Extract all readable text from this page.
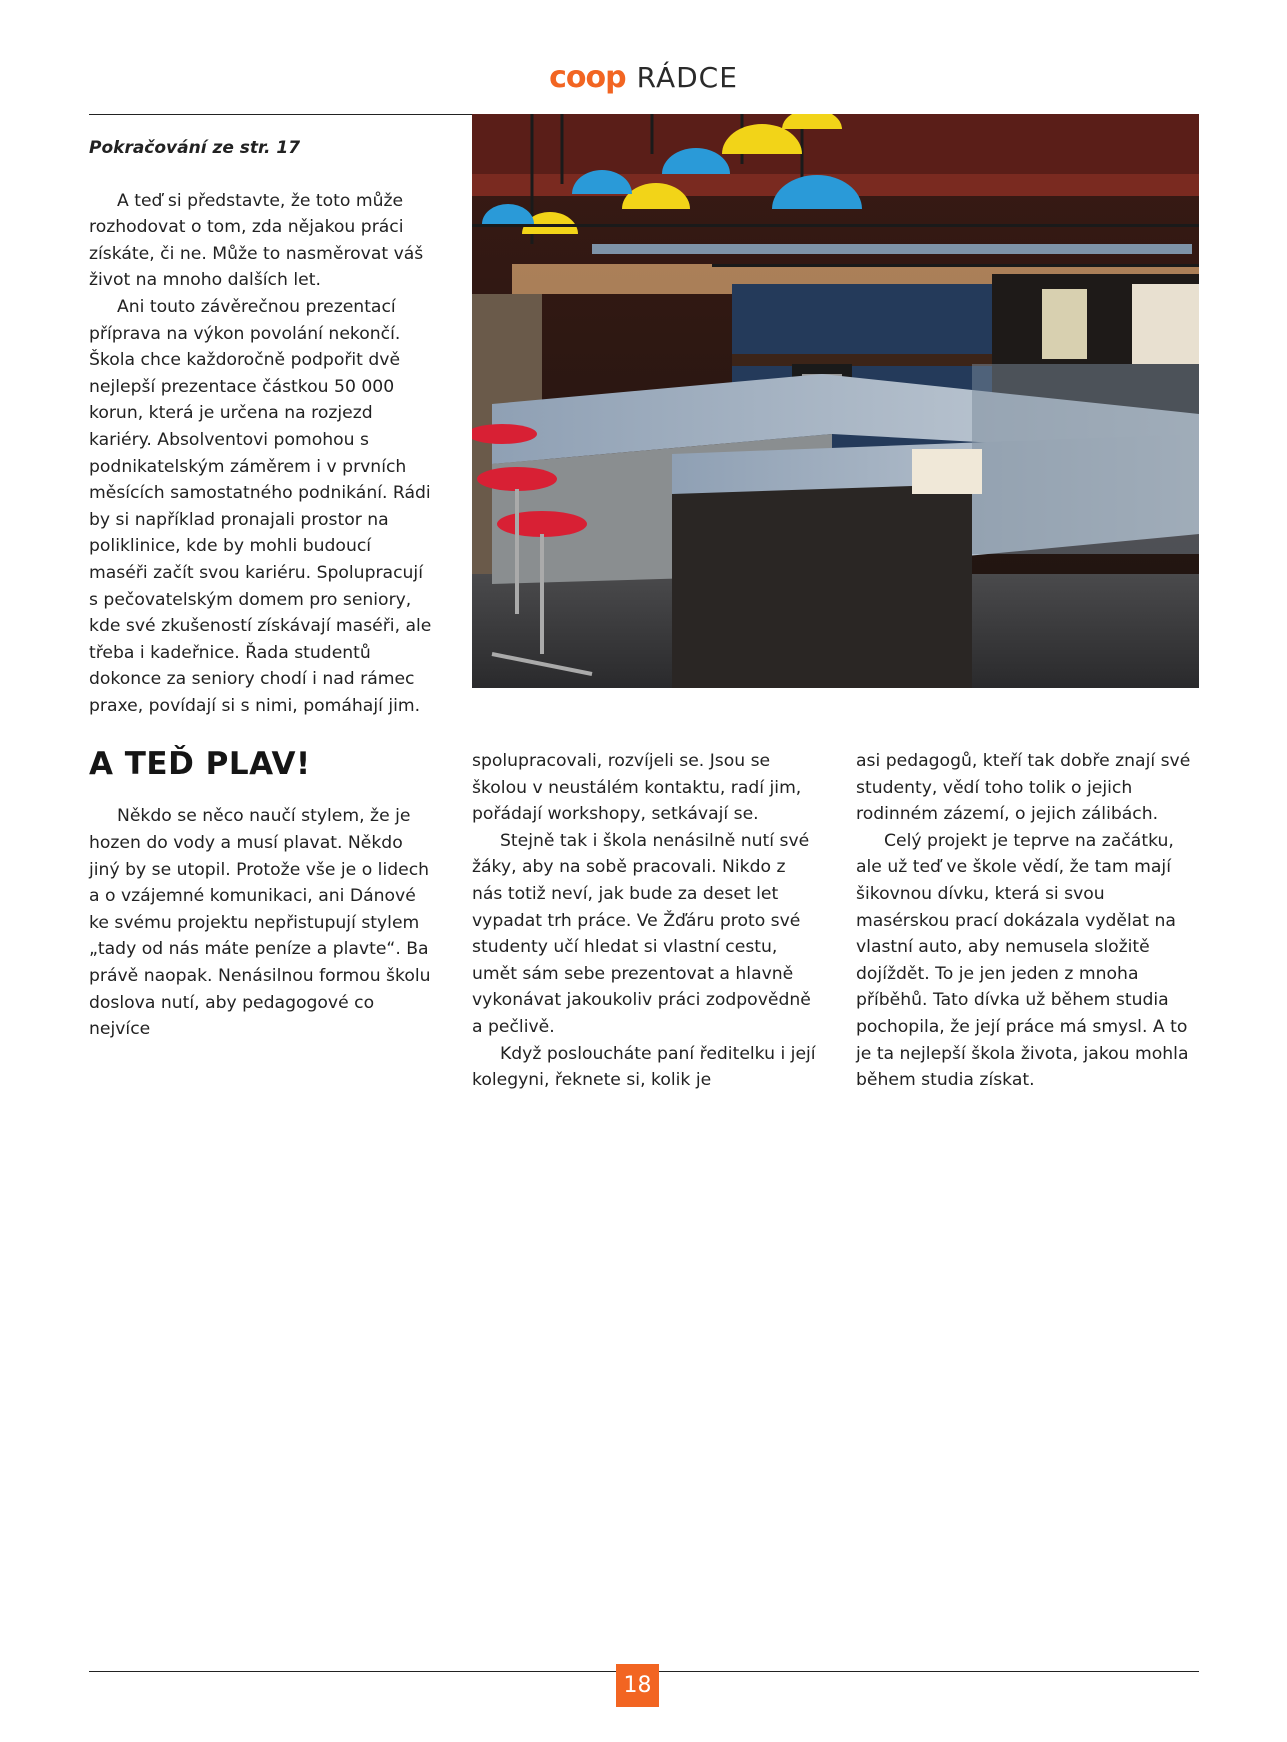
coop RÁDCE

Pokračování ze str. 17

A teď si představte, že toto může rozhodovat o tom, zda nějakou práci získáte, či ne. Může to nasměrovat váš život na mnoho dalších let.

Ani touto závěrečnou prezentací příprava na výkon povolání nekončí. Škola chce každoročně podpořit dvě nejlepší prezentace částkou 50 000 korun, která je určena na rozjezd kariéry. Absolventovi pomohou s podnikatelským záměrem i v prvních měsících samostatného podnikání. Rádi by si například pronajali prostor na poliklinice, kde by mohli budoucí maséři začít svou kariéru. Spolupracují s pečovatelským domem pro seniory, kde své zkušeností získávají maséři, ale třeba i kadeřnice. Řada studentů dokonce za seniory chodí i nad rámec praxe, povídají si s nimi, pomáhají jim.

A TEĎ PLAV!

Někdo se něco naučí stylem, že je hozen do vody a musí plavat. Někdo jiný by se utopil. Protože vše je o lidech a o vzájemné komunikaci, ani Dánové ke svému projektu nepřistupují stylem „tady od nás máte peníze a plavte“. Ba právě naopak. Nenásilnou formou školu doslova nutí, aby pedagogové co nejvíce

spolupracovali, rozvíjeli se. Jsou se školou v neustálém kontaktu, radí jim, pořádají workshopy, setkávají se.

Stejně tak i škola nenásilně nutí své žáky, aby na sobě pracovali. Nikdo z nás totiž neví, jak bude za deset let vypadat trh práce. Ve Žďáru proto své studenty učí hledat si vlastní cestu, umět sám sebe prezentovat a hlavně vykonávat jakoukoliv práci zodpovědně a pečlivě.

Když posloucháte paní ředitelku i její kolegyni, řeknete si, kolik je

asi pedagogů, kteří tak dobře znají své studenty, vědí toho tolik o jejich rodinném zázemí, o jejich zálibách.

Celý projekt je teprve na začátku, ale už teď ve škole vědí, že tam mají šikovnou dívku, která si svou masérskou prací dokázala vydělat na vlastní auto, aby nemusela složitě dojíždět. To je jen jeden z mnoha příběhů. Tato dívka už během studia pochopila, že její práce má smysl. A to je ta nejlepší škola života, jakou mohla během studia získat.

18
